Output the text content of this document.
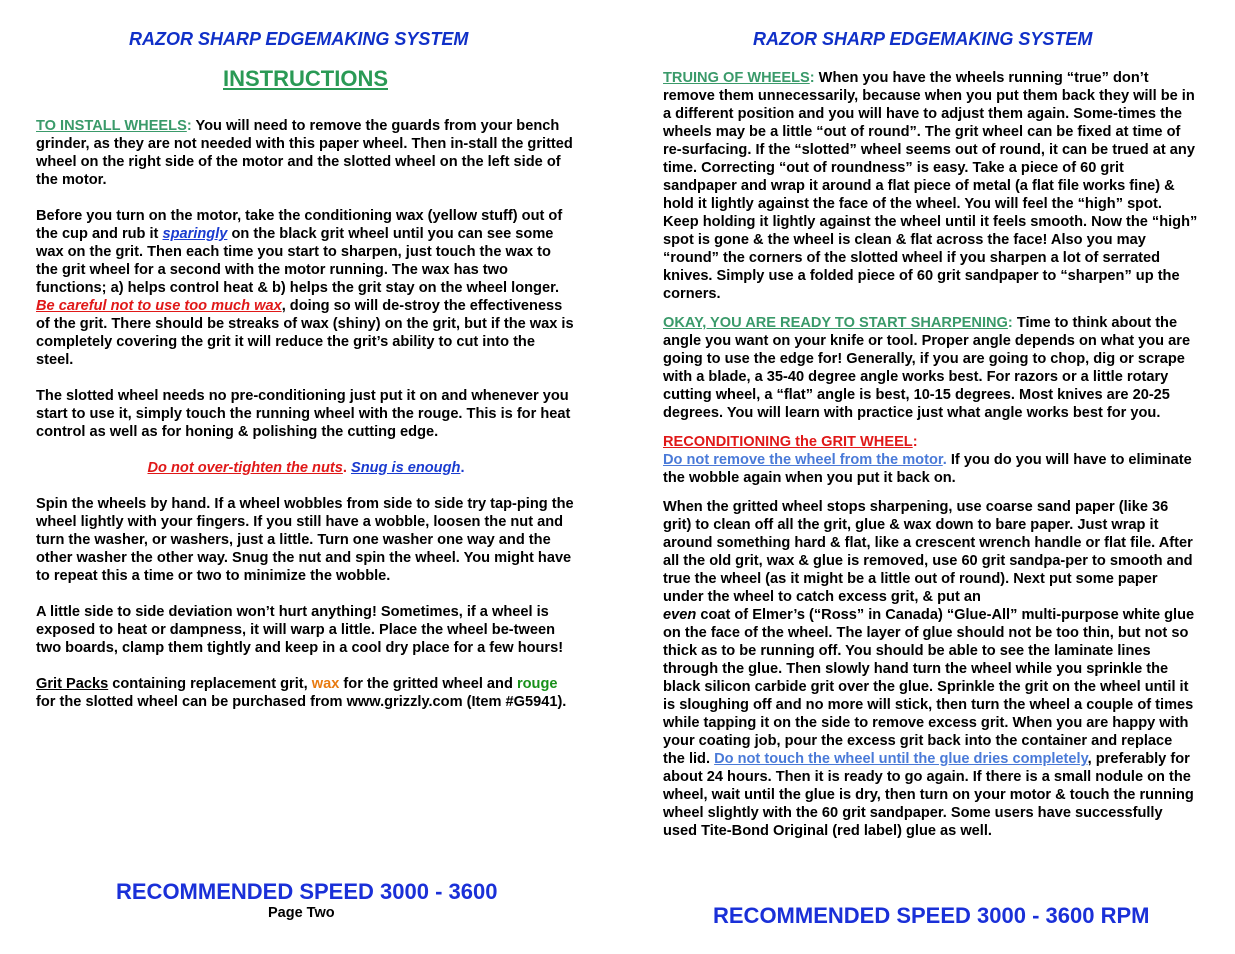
RAZOR SHARP EDGEMAKING SYSTEM
INSTRUCTIONS

TO INSTALL WHEELS: You will need to remove the guards from your bench grinder, as they are not needed with this paper wheel. Then in-stall the gritted wheel on the right side of the motor and the slotted wheel on the left side of the motor.

Before you turn on the motor, take the conditioning wax (yellow stuff) out of the cup and rub it sparingly on the black grit wheel until you can see some wax on the grit. Then each time you start to sharpen, just touch the wax to the grit wheel for a second with the motor running. The wax has two functions; a) helps control heat & b) helps the grit stay on the wheel longer. Be careful not to use too much wax, doing so will de-stroy the effectiveness of the grit. There should be streaks of wax (shiny) on the grit, but if the wax is completely covering the grit it will reduce the grit’s ability to cut into the steel.

The slotted wheel needs no pre-conditioning just put it on and whenever you start to use it, simply touch the running wheel with the rouge. This is for heat control as well as for honing & polishing the cutting edge.

Do not over-tighten the nuts. Snug is enough.

Spin the wheels by hand. If a wheel wobbles from side to side try tap-ping the wheel lightly with your fingers. If you still have a wobble, loosen the nut and turn the washer, or washers, just a little. Turn one washer one way and the other washer the other way. Snug the nut and spin the wheel. You might have to repeat this a time or two to minimize the wobble.

A little side to side deviation won’t hurt anything! Sometimes, if a wheel is exposed to heat or dampness, it will warp a little. Place the wheel be-tween two boards, clamp them tightly and keep in a cool dry place for a few hours!

Grit Packs containing replacement grit, wax for the gritted wheel and rouge for the slotted wheel can be purchased from www.grizzly.com (Item #G5941).

RECOMMENDED SPEED 3000 - 3600
Page Two
RAZOR SHARP EDGEMAKING SYSTEM

TRUING OF WHEELS: When you have the wheels running “true” don’t remove them unnecessarily, because when you put them back they will be in a different position and you will have to adjust them again. Some-times the wheels may be a little “out of round”. The grit wheel can be fixed at time of re-surfacing. If the “slotted” wheel seems out of round, it can be trued at any time. Correcting “out of roundness” is easy. Take a piece of 60 grit sandpaper and wrap it around a flat piece of metal (a flat file works fine) & hold it lightly against the face of the wheel. You will feel the “high” spot. Keep holding it lightly against the wheel until it feels smooth. Now the “high” spot is gone & the wheel is clean & flat across the face! Also you may “round” the corners of the slotted wheel if you sharpen a lot of serrated knives. Simply use a folded piece of 60 grit sandpaper to “sharpen” up the corners.

OKAY, YOU ARE READY TO START SHARPENING: Time to think about the angle you want on your knife or tool. Proper angle depends on what you are going to use the edge for! Generally, if you are going to chop, dig or scrape with a blade, a 35-40 degree angle works best. For razors or a little rotary cutting wheel, a “flat” angle is best, 10-15 degrees. Most knives are 20-25 degrees. You will learn with practice just what angle works best for you.

RECONDITIONING the GRIT WHEEL:
Do not remove the wheel from the motor. If you do you will have to eliminate the wobble again when you put it back on.

When the gritted wheel stops sharpening, use coarse sand paper (like 36 grit) to clean off all the grit, glue & wax down to bare paper. Just wrap it around something hard & flat, like a crescent wrench handle or flat file. After all the old grit, wax & glue is removed, use 60 grit sandpa-per to smooth and true the wheel (as it might be a little out of round). Next put some paper under the wheel to catch excess grit, & put an
even coat of Elmer’s (“Ross” in Canada) “Glue-All” multi-purpose white glue on the face of the wheel. The layer of glue should not be too thin, but not so thick as to be running off. You should be able to see the laminate lines through the glue. Then slowly hand turn the wheel while you sprinkle the black silicon carbide grit over the glue. Sprinkle the grit on the wheel until it is sloughing off and no more will stick, then turn the wheel a couple of times while tapping it on the side to remove excess grit. When you are happy with your coating job, pour the excess grit back into the container and replace the lid. Do not touch the wheel until the glue dries completely, preferably for about 24 hours. Then it is ready to go again. If there is a small nodule on the wheel, wait until the glue is dry, then turn on your motor & touch the running wheel slightly with the 60 grit sandpaper. Some users have successfully used Tite-Bond Original (red label) glue as well.

RECOMMENDED SPEED 3000 - 3600 RPM
